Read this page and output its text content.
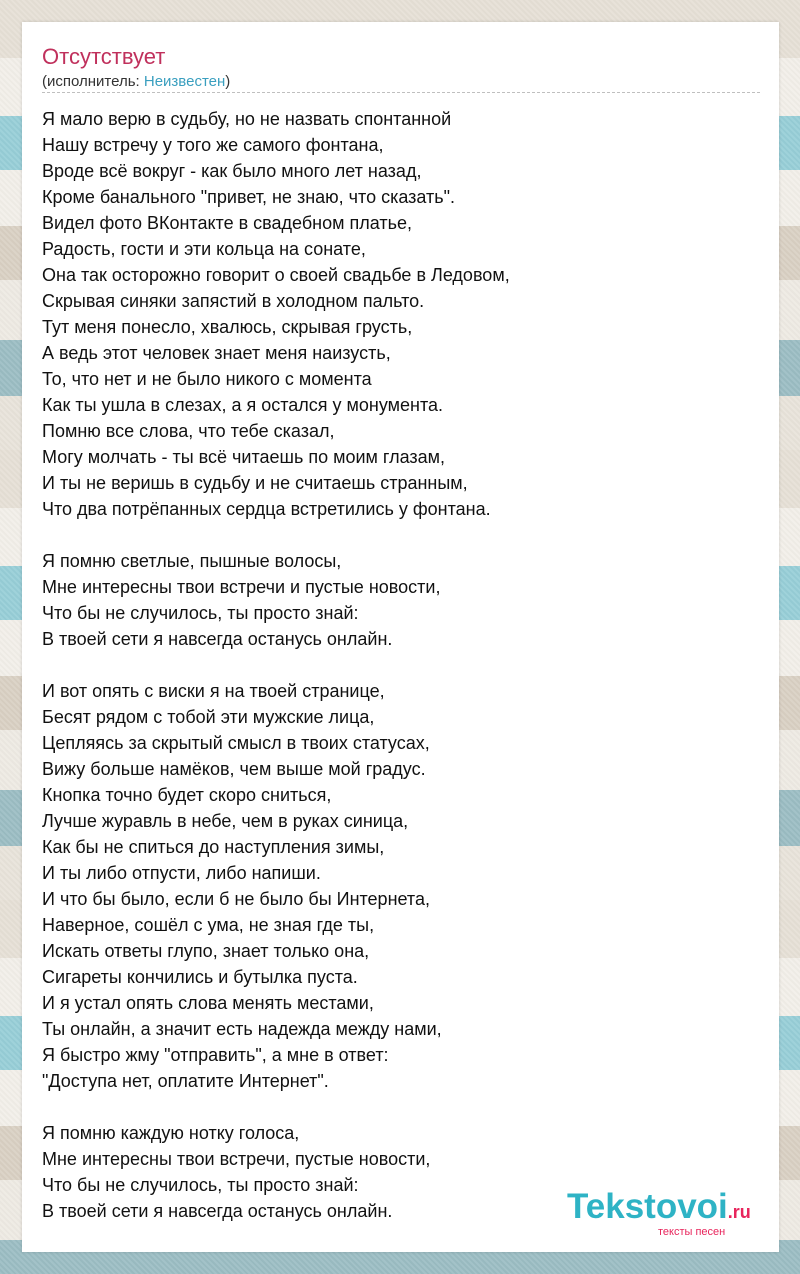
Отсутствует
(исполнитель: Неизвестен)
Я мало верю в судьбу, но не назвать спонтанной
Нашу встречу у того же самого фонтана,
Вроде всё вокруг - как было много лет назад,
Кроме банального "привет, не знаю, что сказать".
Видел фото ВКонтакте в свадебном платье,
Радость, гости и эти кольца на сонате,
Она так осторожно говорит о своей свадьбе в Ледовом,
Скрывая синяки запястий в холодном пальто.
Тут меня понесло, хвалюсь, скрывая грусть,
А ведь этот человек знает меня наизусть,
То, что нет и не было никого с момента
Как ты ушла в слезах, а я остался у монумента.
Помню все слова, что тебе сказал,
Могу молчать - ты всё читаешь по моим глазам,
И ты не веришь в судьбу и не считаешь странным,
Что два потрёпанных сердца встретились у фонтана.
Я помню светлые, пышные волосы,
Мне интересны твои встречи и пустые новости,
Что бы не случилось, ты просто знай:
В твоей сети я навсегда останусь онлайн.
И вот опять с виски я на твоей странице,
Бесят рядом с тобой эти мужские лица,
Цепляясь за скрытый смысл в твоих статусах,
Вижу больше намёков, чем выше мой градус.
Кнопка точно будет скоро сниться,
Лучше журавль в небе, чем в руках синица,
Как бы не спиться до наступления зимы,
И ты либо отпусти, либо напиши.
И что бы было, если б не было бы Интернета,
Наверное, сошёл с ума, не зная где ты,
Искать ответы глупо, знает только она,
Сигареты кончились и бутылка пуста.
И я устал опять слова менять местами,
Ты онлайн, а значит есть надежда между нами,
Я быстро жму "отправить", а мне в ответ:
"Доступа нет, оплатите Интернет".
Я помню каждую нотку голоса,
Мне интересны твои встречи, пустые новости,
Что бы не случилось, ты просто знай:
В твоей сети я навсегда останусь онлайн.	Tekstovoi.ru
тексты песен
